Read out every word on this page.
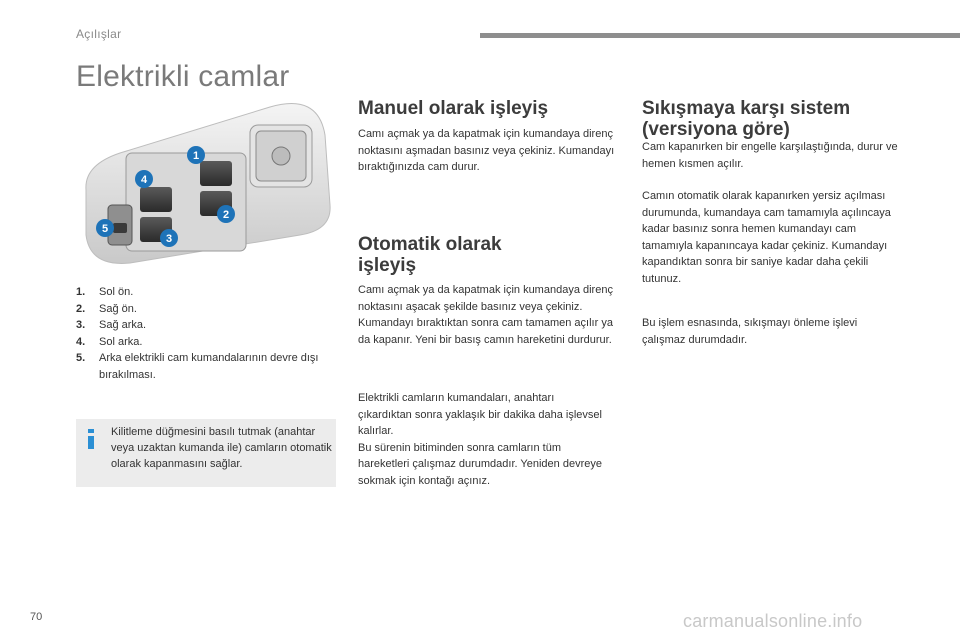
Açılışlar
Elektrikli camlar
1
2
3
4
5
1. Sol ön.
2. Sağ ön.
3. Sağ arka.
4. Sol arka.
5. Arka elektrikli cam kumandalarının devre dışı bırakılması.
Kilitleme düğmesini basılı tutmak (anahtar veya uzaktan kumanda ile) camların otomatik olarak kapanmasını sağlar.
Manuel olarak işleyiş
Camı açmak ya da kapatmak için kumandaya direnç noktasını aşmadan basınız veya çekiniz. Kumandayı bıraktığınızda cam durur.
Otomatik olarak
işleyiş
Camı açmak ya da kapatmak için kumandaya direnç noktasını aşacak şekilde basınız veya çekiniz. Kumandayı bıraktıktan sonra cam tamamen açılır ya da kapanır. Yeni bir basış camın hareketini durdurur.
Elektrikli camların kumandaları, anahtarı çıkardıktan sonra yaklaşık bir dakika daha işlevsel kalırlar.
Bu sürenin bitiminden sonra camların tüm hareketleri çalışmaz durumdadır. Yeniden devreye sokmak için kontağı açınız.
Sıkışmaya karşı sistem
(versiyona göre)
Cam kapanırken bir engelle karşılaştığında, durur ve hemen kısmen açılır.
Camın otomatik olarak kapanırken yersiz açılması durumunda, kumandaya cam tamamıyla açılıncaya kadar basınız sonra hemen kumandayı cam tamamıyla kapanıncaya kadar çekiniz. Kumandayı kapandıktan sonra bir saniye kadar daha çekili tutunuz.
Bu işlem esnasında, sıkışmayı önleme işlevi çalışmaz durumdadır.
70	carmanualsonline.info
